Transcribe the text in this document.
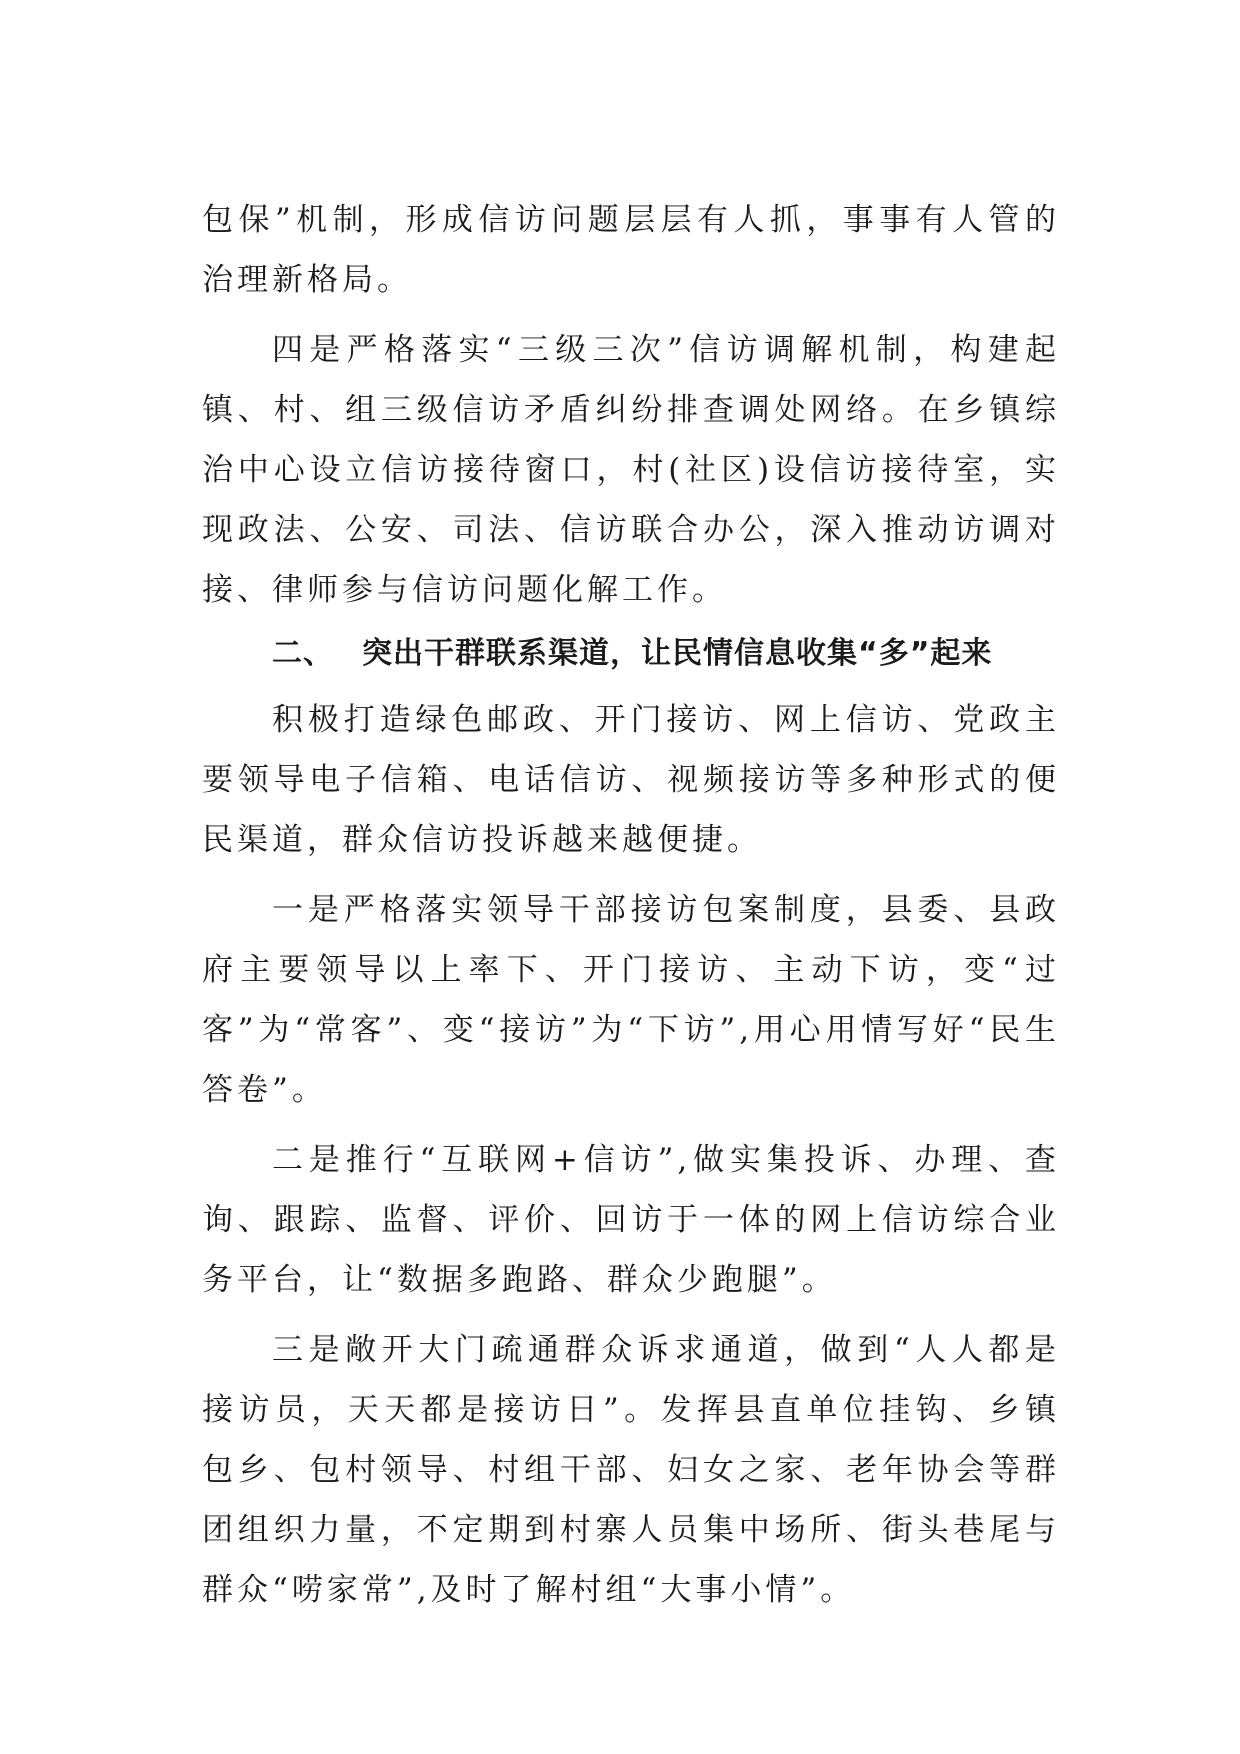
包保”机制，形成信访问题层层有人抓，事事有人管的治理新格局。

四是严格落实“三级三次”信访调解机制，构建起镇、村、组三级信访矛盾纠纷排查调处网络。在乡镇综治中心设立信访接待窗口，村(社区)设信访接待室，实现政法、公安、司法、信访联合办公，深入推动访调对接、律师参与信访问题化解工作。

二、 突出干群联系渠道，让民情信息收集“多”起来

积极打造绿色邮政、开门接访、网上信访、党政主要领导电子信箱、电话信访、视频接访等多种形式的便民渠道，群众信访投诉越来越便捷。

一是严格落实领导干部接访包案制度，县委、县政府主要领导以上率下、开门接访、主动下访，变“过客”为“常客”、变“接访”为“下访”,用心用情写好“民生答卷”。

二是推行“互联网+信访”,做实集投诉、办理、查询、跟踪、监督、评价、回访于一体的网上信访综合业务平台，让“数据多跑路、群众少跑腿”。

三是敞开大门疏通群众诉求通道，做到“人人都是接访员，天天都是接访日”。发挥县直单位挂钩、乡镇包乡、包村领导、村组干部、妇女之家、老年协会等群团组织力量，不定期到村寨人员集中场所、街头巷尾与群众“唠家常”,及时了解村组“大事小情”。
